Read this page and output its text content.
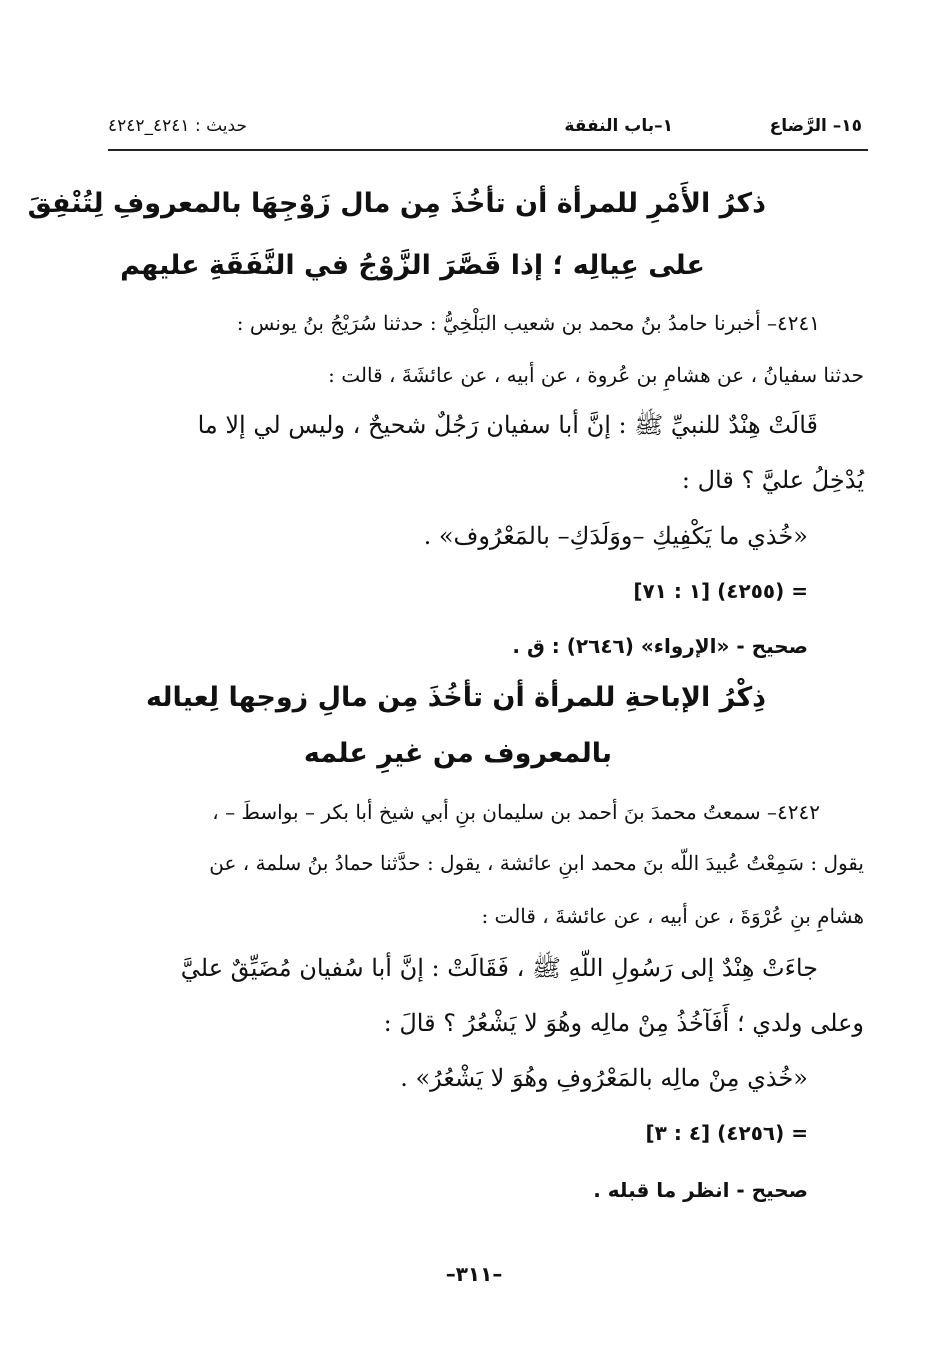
١٥– الرَّضاع
١–باب النفقة
حديث : ٤٢٤١_٤٢٤٢
ذكرُ الأَمْرِ للمرأة أن تأخُذَ مِن مال زَوْجِهَا بالمعروفِ لِتُنْفِقَ
على عِيالِه ؛ إذا قَصَّرَ الزَّوْجُ في النَّفَقَةِ عليهم
٤٢٤١– أخبرنا حامدُ بنُ محمد بن شعيب البَلْخِيُّ : حدثنا سُرَيْجُ بنُ يونس :
حدثنا سفيانُ ، عن هشامِ بن عُروة ، عن أبيه ، عن عائشَةَ ، قالت :
قَالَتْ هِنْدٌ للنبيِّ ﷺ : إنَّ أبا سفيان رَجُلٌ شحيحٌ ، وليس لي إلا ما
يُدْخِلُ عليَّ ؟ قال :
«خُذي ما يَكْفِيكِ –ووَلَدَكِ– بالمَعْرُوف» .
= (٤٢٥٥) [١ : ٧١]
صحيح - «الإرواء» (٢٦٤٦) : ق .
ذِكْرُ الإباحةِ للمرأة أن تأخُذَ مِن مالِ زوجها لِعياله
بالمعروف من غيرِ علمه
٤٢٤٢– سمعتُ محمدَ بنَ أحمد بن سليمان بنِ أبي شيخ أبا بكر – بواسطَ – ،
يقول : سَمِعْتُ عُبيدَ اللّه بنَ محمد ابنِ عائشة ، يقول : حدَّثنا حمادُ بنُ سلمة ، عن
هشامِ بنِ عُرْوَةَ ، عن أبيه ، عن عائشةَ ، قالت :
جاءَتْ هِنْدٌ إلى رَسُولِ اللّهِ ﷺ ، فَقَالَتْ : إنَّ أبا سُفيان مُضَيِّقٌ عليَّ
وعلى ولدي ؛ أَفَآخُذُ مِنْ مالِه وهُوَ لا يَشْعُرُ ؟ قالَ :
«خُذي مِنْ مالِه بالمَعْرُوفِ وهُوَ لا يَشْعُرُ» .
= (٤٢٥٦) [٤ : ٣]
صحيح - انظر ما قبله .
–٣١١–
